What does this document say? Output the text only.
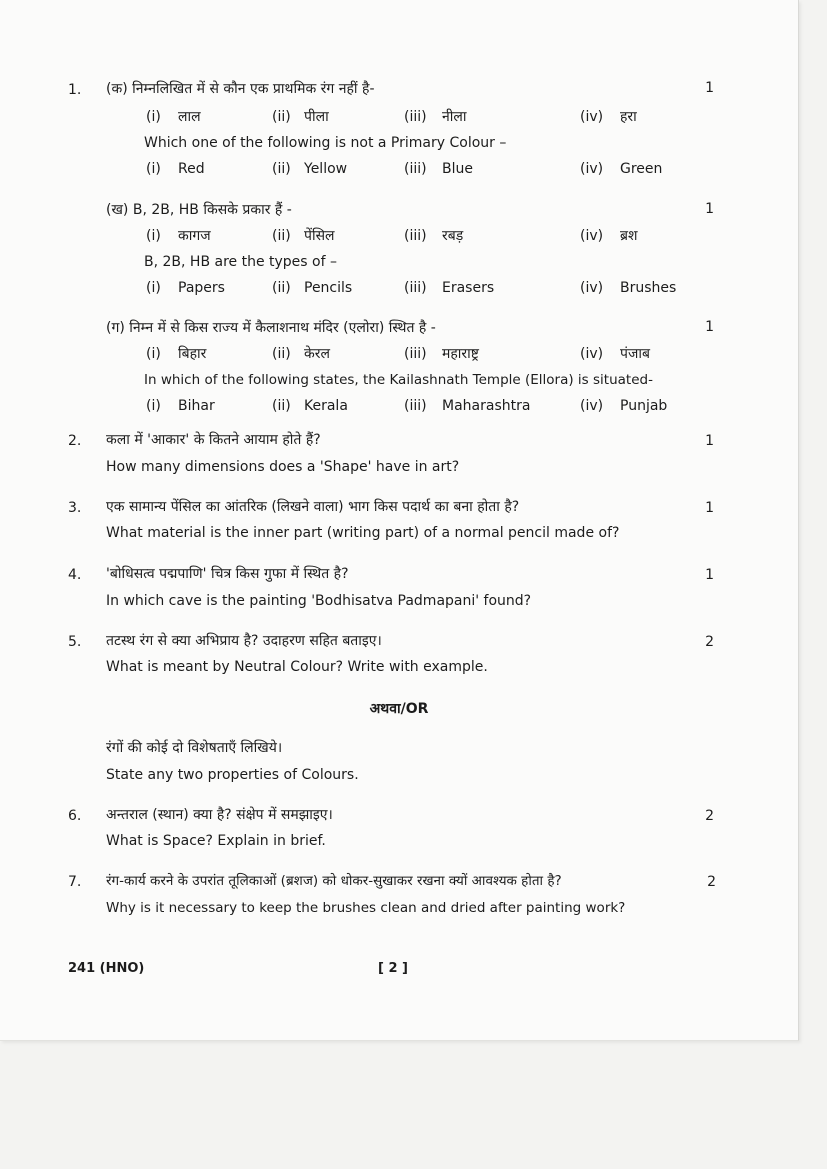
1.	(क) निम्नलिखित में से कौन एक प्राथमिक रंग नहीं है-	1
(i) लाल	(ii) पीला	(iii) नीला	(iv) हरा
Which one of the following is not a Primary Colour –
(i) Red	(ii) Yellow	(iii) Blue	(iv) Green
(ख) B, 2B, HB किसके प्रकार हैं -	1
(i) कागज	(ii) पेंसिल	(iii) रबड़	(iv) ब्रश
B, 2B, HB are the types of –
(i) Papers	(ii) Pencils	(iii) Erasers	(iv) Brushes
(ग) निम्न में से किस राज्य में कैलाशनाथ मंदिर (एलोरा) स्थित है -	1
(i) बिहार	(ii) केरल	(iii) महाराष्ट्र	(iv) पंजाब
In which of the following states, the Kailashnath Temple (Ellora) is situated-
(i) Bihar	(ii) Kerala	(iii) Maharashtra	(iv) Punjab
2.	कला में 'आकार' के कितने आयाम होते हैं?	1
How many dimensions does a 'Shape' have in art?
3.	एक सामान्य पेंसिल का आंतरिक (लिखने वाला) भाग किस पदार्थ का बना होता है?	1
What material is the inner part (writing part) of a normal pencil made of?
4.	'बोधिसत्व पद्मपाणि' चित्र किस गुफा में स्थित है?	1
In which cave is the painting 'Bodhisatva Padmapani' found?
5.	तटस्थ रंग से क्या अभिप्राय है? उदाहरण सहित बताइए।	2
What is meant by Neutral Colour? Write with example.
अथवा/OR
रंगों की कोई दो विशेषताएँ लिखिये।
State any two properties of Colours.
6.	अन्तराल (स्थान) क्या है? संक्षेप में समझाइए।	2
What is Space? Explain in brief.
7.	रंग-कार्य करने के उपरांत तूलिकाओं (ब्रशज) को धोकर-सुखाकर रखना क्यों आवश्यक होता है?	2
Why is it necessary to keep the brushes clean and dried after painting work?
241 (HNO)	[ 2 ]
